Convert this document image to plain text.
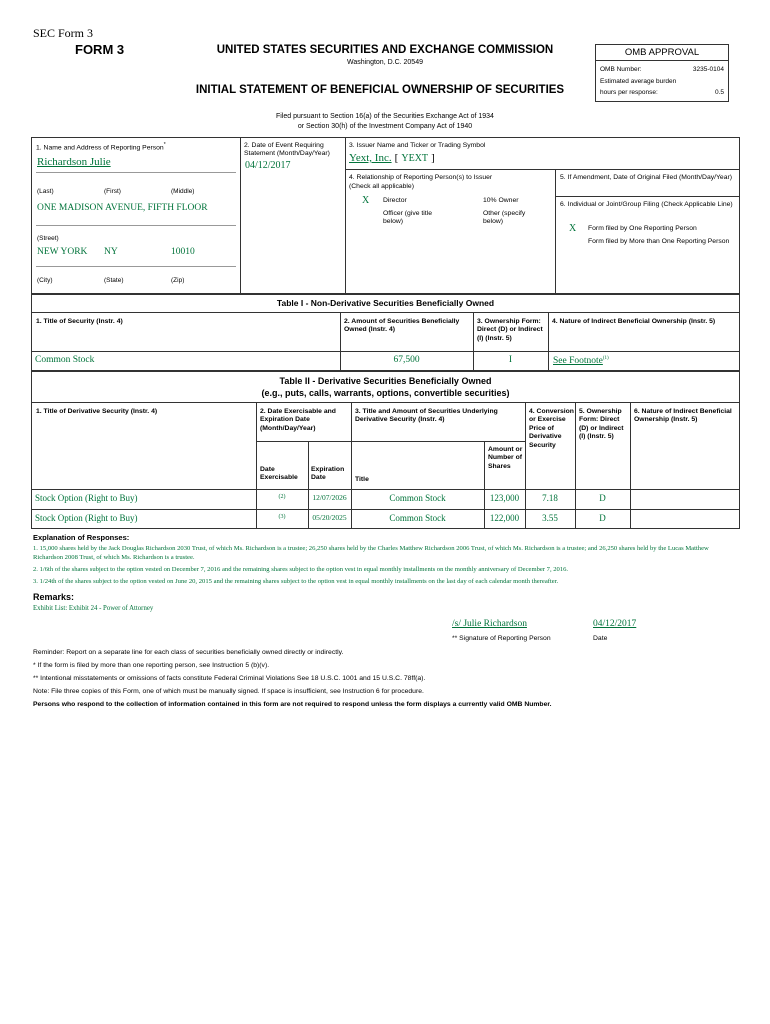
SEC Form 3
FORM 3	UNITED STATES SECURITIES AND EXCHANGE COMMISSION
Washington, D.C. 20549
INITIAL STATEMENT OF BENEFICIAL OWNERSHIP OF SECURITIES
Filed pursuant to Section 16(a) of the Securities Exchange Act of 1934
or Section 30(h) of the Investment Company Act of 1940
OMB APPROVAL
OMB Number:	3235-0104
Estimated average burden
hours per response:	0.5
1. Name and Address of Reporting Person*
Richardson Julie
(Last)	(First)	(Middle)
ONE MADISON AVENUE, FIFTH FLOOR
(Street)
NEW YORK NY	10010
(City)	(State)	(Zip)
2. Date of Event Requiring Statement (Month/Day/Year)
04/12/2017
3. Issuer Name and Ticker or Trading Symbol
Yext, Inc. [ YEXT ]
4. Relationship of Reporting Person(s) to Issuer
(Check all applicable)
X Director	10% Owner
Officer (give title below)
Other (specify below)
5. If Amendment, Date of Original Filed (Month/Day/Year)
6. Individual or Joint/Group Filing (Check Applicable Line)
X Form filed by One Reporting Person
Form filed by More than One Reporting Person
Table I - Non-Derivative Securities Beneficially Owned
1. Title of Security (Instr. 4)	2. Amount of Securities Beneficially Owned (Instr. 4)
3. Ownership Form: Direct (D) or Indirect (I) (Instr. 5)
4. Nature of Indirect Beneficial Ownership (Instr. 5)
Common Stock	67,500	I	See Footnote$^{(1)}$
Table II - Derivative Securities Beneficially Owned
(e.g., puts, calls, warrants, options, convertible securities)
1. Title of Derivative Security (Instr. 4)	2. Date Exercisable and Expiration Date (Month/Day/Year)
3. Title and Amount of Securities Underlying Derivative Security (Instr. 4)
4. Conversion or Exercise Price of Derivative Security
5. Ownership Form: Direct (D) or Indirect (I) (Instr. 5)
6. Nature of Indirect Beneficial Ownership (Instr. 5)
Date Exercisable
Expiration Date	Title
Amount or Number of Shares
Stock Option (Right to Buy)	(2)	12/07/2026	Common Stock	123,000	7.18	D
Stock Option (Right to Buy)	(3)	05/20/2025	Common Stock	122,000	3.55	D
Explanation of Responses:
1. 15,000 shares held by the Jack Douglas Richardson 2030 Trust, of which Ms. Richardson is a trustee; 26,250 shares held by the Charles Matthew Richardson 2006 Trust, of which Ms. Richardson is a trustee; and 26,250 shares held by the Lucas Matthew Richardson 2008 Trust, of which Ms. Richardson is a trustee.
2. 1/6th of the shares subject to the option vested on December 7, 2016 and the remaining shares subject to the option vest in equal monthly installments on the monthly anniversary of December 7, 2016.
3. 1/24th of the shares subject to the option vested on June 20, 2015 and the remaining shares subject to the option vest in equal monthly installments on the last day of each calendar month thereafter.
Remarks:
Exhibit List: Exhibit 24 - Power of Attorney
/s/ Julie Richardson	04/12/2017
** Signature of Reporting Person	Date
Reminder: Report on a separate line for each class of securities beneficially owned directly or indirectly.
* If the form is filed by more than one reporting person, see Instruction 5 (b)(v).
** Intentional misstatements or omissions of facts constitute Federal Criminal Violations See 18 U.S.C. 1001 and 15 U.S.C. 78ff(a).
Note: File three copies of this Form, one of which must be manually signed. If space is insufficient, see Instruction 6 for procedure.
Persons who respond to the collection of information contained in this form are not required to respond unless the form displays a currently valid OMB Number.
